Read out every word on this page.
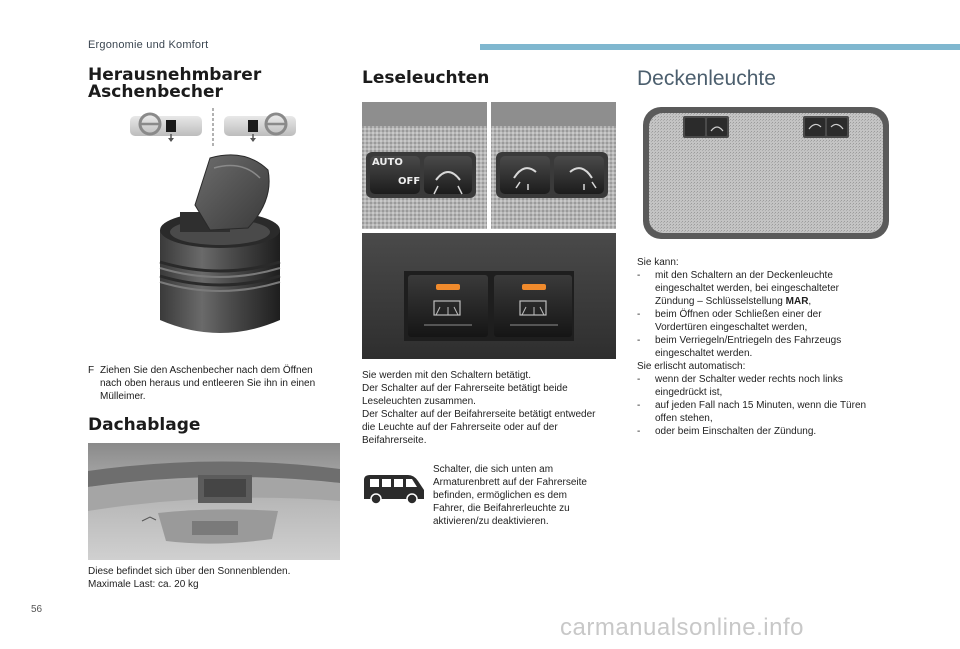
Ergonomie und Komfort
Herausnehmbarer
Aschenbecher
F Ziehen Sie den Aschenbecher nach dem Öffnen
nach oben heraus und entleeren Sie ihn in einen
Mülleimer.
Dachablage
Diese befindet sich über den Sonnenblenden.
Maximale Last: ca. 20 kg
Leseleuchten
AUTO
OFF
Sie werden mit den Schaltern betätigt.
Der Schalter auf der Fahrerseite betätigt beide
Leseleuchten zusammen.
Der Schalter auf der Beifahrerseite betätigt entweder
die Leuchte auf der Fahrerseite oder auf der
Beifahrerseite.
Schalter, die sich unten am
Armaturenbrett auf der Fahrerseite
befinden, ermöglichen es dem
Fahrer, die Beifahrerleuchte zu
aktivieren/zu deaktivieren.
Deckenleuchte
Sie kann:
-	mit den Schaltern an der Deckenleuchte
eingeschaltet werden, bei eingeschalteter
Zündung – Schlüsselstellung MAR,
-	beim Öffnen oder Schließen einer der
Vordertüren eingeschaltet werden,
-	beim Verriegeln/Entriegeln des Fahrzeugs
eingeschaltet werden.
Sie erlischt automatisch:
-	wenn der Schalter weder rechts noch links
eingedrückt ist,
-	auf jeden Fall nach 15 Minuten, wenn die Türen
offen stehen,
-	oder beim Einschalten der Zündung.
56
carmanualsonline.info
